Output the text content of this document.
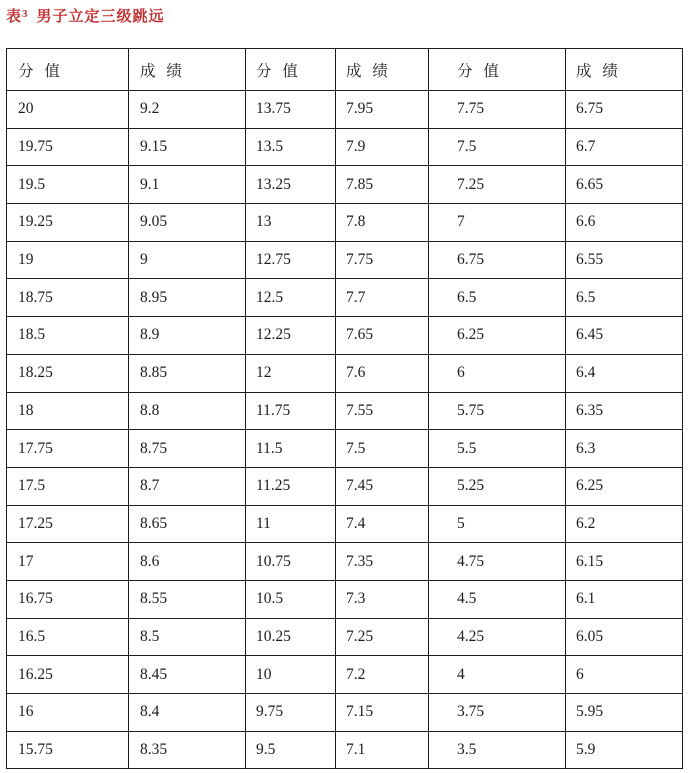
表$^3$ 男子立定三级跳远
分 值	成 绩	分 值	成 绩	分 值	成 绩
20	9.2	13.75	7.95	7.75	6.75
19.75	9.15	13.5	7.9	7.5	6.7
19.5	9.1	13.25	7.85	7.25	6.65
19.25	9.05	13	7.8	7	6.6
19	9	12.75	7.75	6.75	6.55
18.75	8.95	12.5	7.7	6.5	6.5
18.5	8.9	12.25	7.65	6.25	6.45
18.25	8.85	12	7.6	6	6.4
18	8.8	11.75	7.55	5.75	6.35
17.75	8.75	11.5	7.5	5.5	6.3
17.5	8.7	11.25	7.45	5.25	6.25
17.25	8.65	11	7.4	5	6.2
17	8.6	10.75	7.35	4.75	6.15
16.75	8.55	10.5	7.3	4.5	6.1
16.5	8.5	10.25	7.25	4.25	6.05
16.25	8.45	10	7.2	4	6
16	8.4	9.75	7.15	3.75	5.95
15.75	8.35	9.5	7.1	3.5	5.9
